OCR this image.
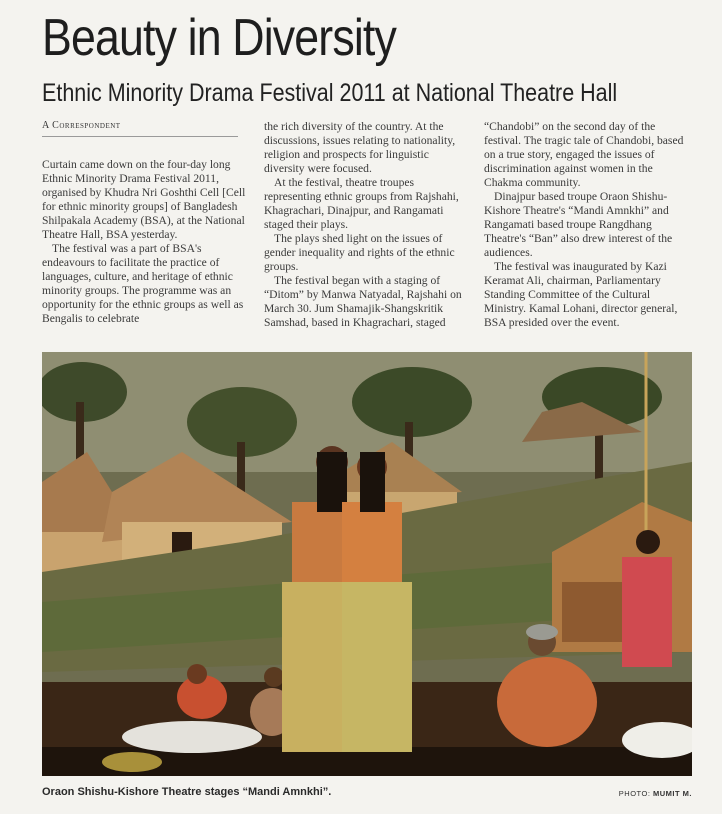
Beauty in Diversity
Ethnic Minority Drama Festival 2011 at National Theatre Hall
A Correspondent

Curtain came down on the four-day long Ethnic Minority Drama Festival 2011, organised by Khudra Nri Goshthi Cell [Cell for ethnic minority groups] of Bangladesh Shilpakala Academy (BSA), at the National Theatre Hall, BSA yesterday.

The festival was a part of BSA's endeavours to facilitate the practice of languages, culture, and heritage of ethnic minority groups. The programme was an opportunity for the ethnic groups as well as Bengalis to celebrate

the rich diversity of the country. At the discussions, issues relating to nationality, religion and prospects for linguistic diversity were focused.

At the festival, theatre troupes representing ethnic groups from Rajshahi, Khagrachari, Dinajpur, and Rangamati staged their plays.

The plays shed light on the issues of gender inequality and rights of the ethnic groups.

The festival began with a staging of “Ditom” by Manwa Natyadal, Rajshahi on March 30. Jum Shamajik-Shangskritik Samshad, based in Khagrachari, staged

“Chandobi” on the second day of the festival. The tragic tale of Chandobi, based on a true story, engaged the issues of discrimination against women in the Chakma community.

Dinajpur based troupe Oraon Shishu-Kishore Theatre's “Mandi Amnkhi” and Rangamati based troupe Rangdhang Theatre's “Ban” also drew interest of the audiences.

The festival was inaugurated by Kazi Keramat Ali, chairman, Parliamentary Standing Committee of the Cultural Ministry. Kamal Lohani, director general, BSA presided over the event.

Oraon Shishu-Kishore Theatre stages “Mandi Amnkhi”.	PHOTO: MUMIT M.
